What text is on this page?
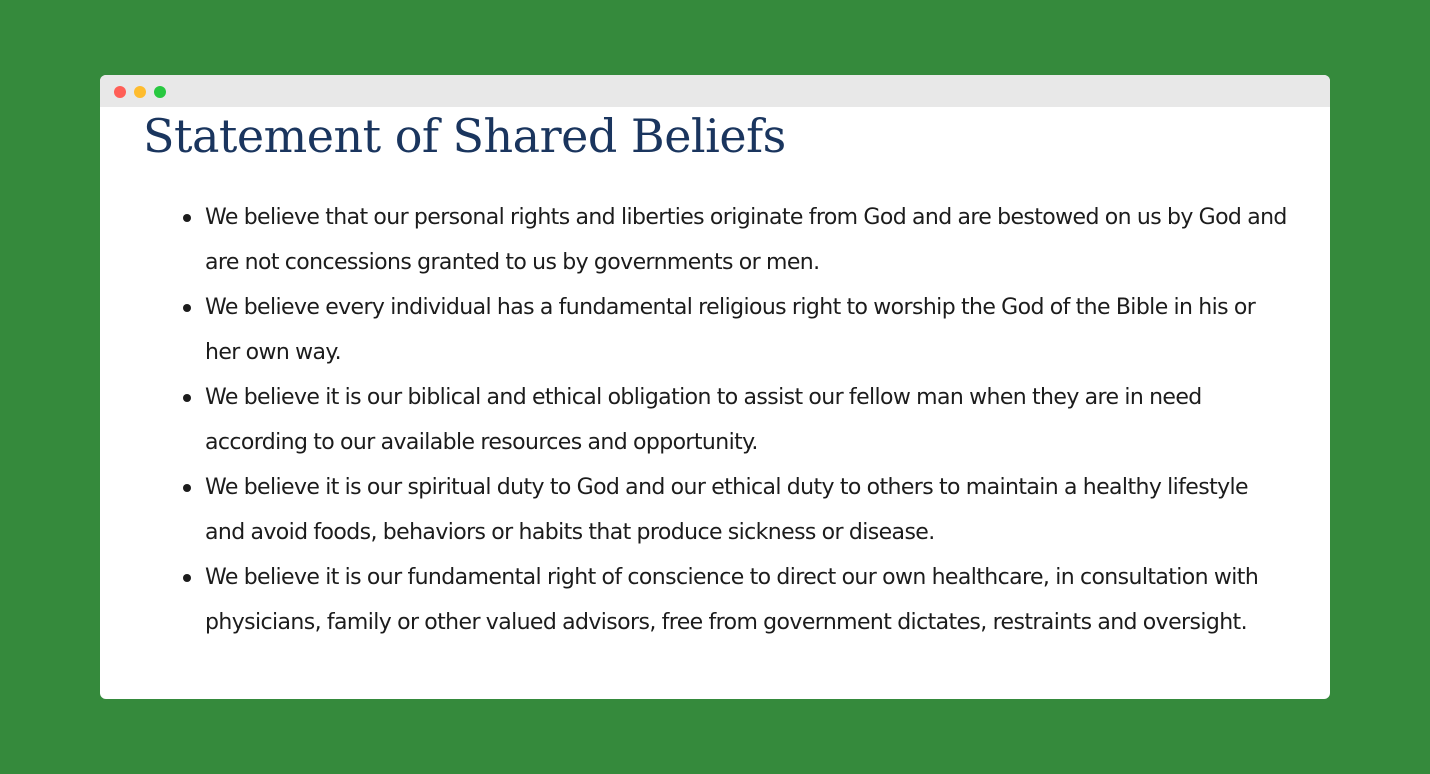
Statement of Shared Beliefs
We believe that our personal rights and liberties originate from God and are bestowed on us by God and are not concessions granted to us by governments or men.
We believe every individual has a fundamental religious right to worship the God of the Bible in his or her own way.
We believe it is our biblical and ethical obligation to assist our fellow man when they are in need according to our available resources and opportunity.
We believe it is our spiritual duty to God and our ethical duty to others to maintain a healthy lifestyle and avoid foods, behaviors or habits that produce sickness or disease.
We believe it is our fundamental right of conscience to direct our own healthcare, in consultation with physicians, family or other valued advisors, free from government dictates, restraints and oversight.
